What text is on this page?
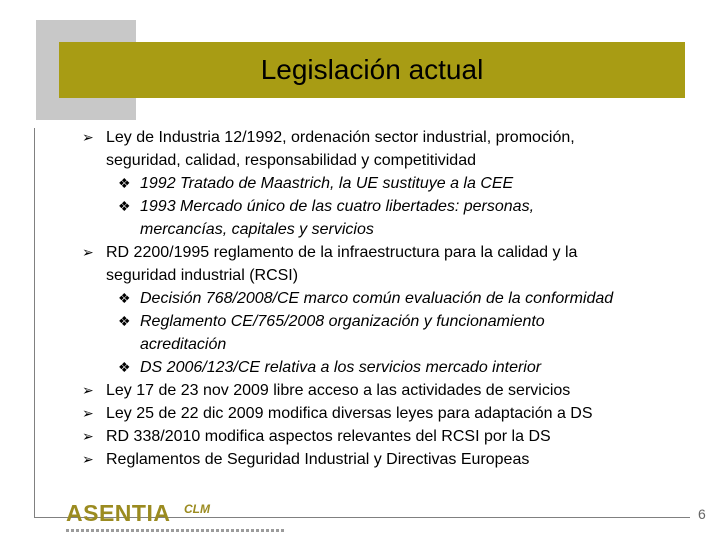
Legislación actual
➢ Ley de Industria 12/1992, ordenación sector industrial, promoción,
seguridad, calidad, responsabilidad y competitividad
❖ 1992 Tratado de Maastrich, la UE sustituye a la CEE
❖ 1993 Mercado único de las cuatro libertades: personas,
mercancías, capitales y servicios
➢ RD 2200/1995 reglamento de la infraestructura para la calidad y la
seguridad industrial (RCSI)
❖ Decisión 768/2008/CE marco común evaluación de la conformidad
❖ Reglamento CE/765/2008 organización y funcionamiento
acreditación
❖ DS 2006/123/CE relativa a los servicios mercado interior
➢ Ley 17 de 23 nov 2009 libre acceso a las actividades de servicios
➢ Ley 25 de 22 dic 2009 modifica diversas leyes para adaptación a DS
➢ RD 338/2010 modifica aspectos relevantes del RCSI por la DS
➢ Reglamentos de Seguridad Industrial y Directivas Europeas
ASENTIA CLM	6
